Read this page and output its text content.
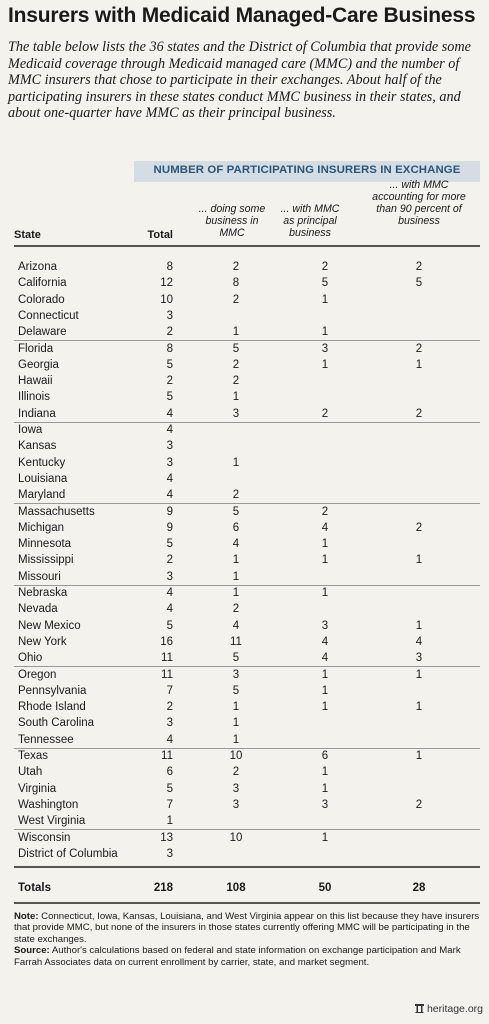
Insurers with Medicaid Managed-Care Business
The table below lists the 36 states and the District of Columbia that provide some Medicaid coverage through Medicaid managed care (MMC) and the number of MMC insurers that chose to participate in their exchanges. About half of the participating insurers in these states conduct MMC business in their states, and about one-quarter have MMC as their principal business.
NUMBER OF PARTICIPATING INSURERS IN EXCHANGE
State	Total
... doing some
business in
MMC
... with MMC
as principal
business
... with MMC
accounting for more
than 90 percent of
business
Arizona	8	2	2	2
California	12	8	5	5
Colorado	10	2	1
Connecticut	3
Delaware	2	1	1
Florida	8	5	3	2
Georgia	5	2	1	1
Hawaii	2	2
Illinois	5	1
Indiana	4	3	2	2
Iowa	4
Kansas	3
Kentucky	3	1
Louisiana	4
Maryland	4	2
Massachusetts	9	5	2
Michigan	9	6	4	2
Minnesota	5	4	1
Mississippi	2	1	1	1
Missouri	3	1
Nebraska	4	1	1
Nevada	4	2
New Mexico	5	4	3	1
New York	16	11	4	4
Ohio	11	5	4	3
Oregon	11	3	1	1
Pennsylvania	7	5	1
Rhode Island	2	1	1	1
South Carolina	3	1
Tennessee	4	1
Texas	11	10	6	1
Utah	6	2	1
Virginia	5	3	1
Washington	7	3	3	2
West Virginia	1
Wisconsin	13	10	1
District of Columbia	3
Totals	218	108	50	28
Note: Connecticut, Iowa, Kansas, Louisiana, and West Virginia appear on this list because they have insurers that provide MMC, but none of the insurers in those states currently offering MMC will be participating in the state exchanges.
Source: Author's calculations based on federal and state information on exchange participation and Mark Farrah Associates data on current enrollment by carrier, state, and market segment.
heritage.org
